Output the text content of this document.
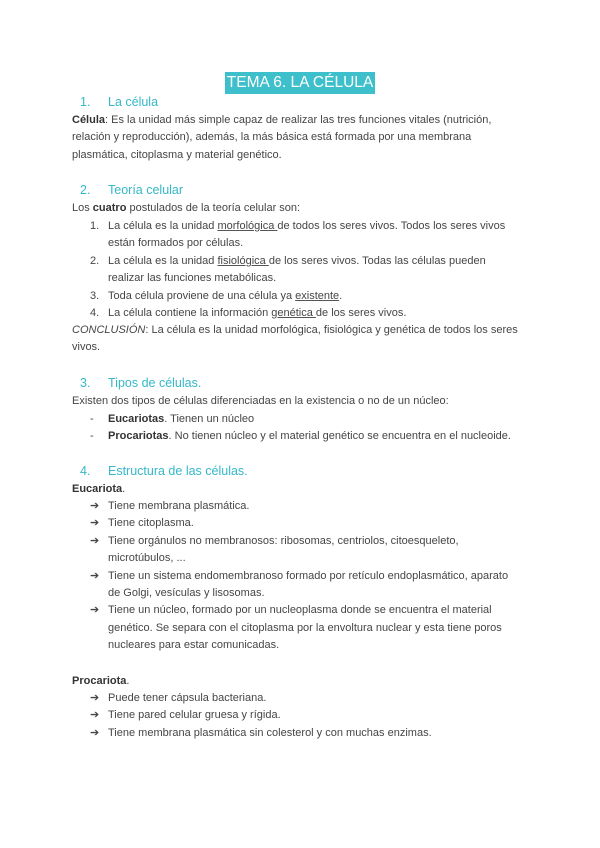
TEMA 6. LA CÉLULA
1. La célula
Célula: Es la unidad más simple capaz de realizar las tres funciones vitales (nutrición,
relación y reproducción), además, la más básica está formada por una membrana
plasmática, citoplasma y material genético.
2. Teoría celular
Los cuatro postulados de la teoría celular son:
1. La célula es la unidad morfológica de todos los seres vivos. Todos los seres vivos
están formados por células.
2. La célula es la unidad fisiológica de los seres vivos. Todas las células pueden
realizar las funciones metabólicas.
3. Toda célula proviene de una célula ya existente.
4. La célula contiene la información genética de los seres vivos.
CONCLUSIÓN: La célula es la unidad morfológica, fisiológica y genética de todos los seres
vivos.
3. Tipos de células.
Existen dos tipos de células diferenciadas en la existencia o no de un núcleo:
-	Eucariotas. Tienen un núcleo
-	Procariotas. No tienen núcleo y el material genético se encuentra en el nucleoide.
4. Estructura de las células.
Eucariota.
➔ Tiene membrana plasmática.
➔ Tiene citoplasma.
➔ Tiene orgánulos no membranosos: ribosomas, centriolos, citoesqueleto,
microtúbulos, ...
➔ Tiene un sistema endomembranoso formado por retículo endoplasmático, aparato
de Golgi, vesículas y lisosomas.
➔ Tiene un núcleo, formado por un nucleoplasma donde se encuentra el material
genético. Se separa con el citoplasma por la envoltura nuclear y esta tiene poros
nucleares para estar comunicadas.
Procariota.
➔ Puede tener cápsula bacteriana.
➔ Tiene pared celular gruesa y rígida.
➔ Tiene membrana plasmática sin colesterol y con muchas enzimas.
